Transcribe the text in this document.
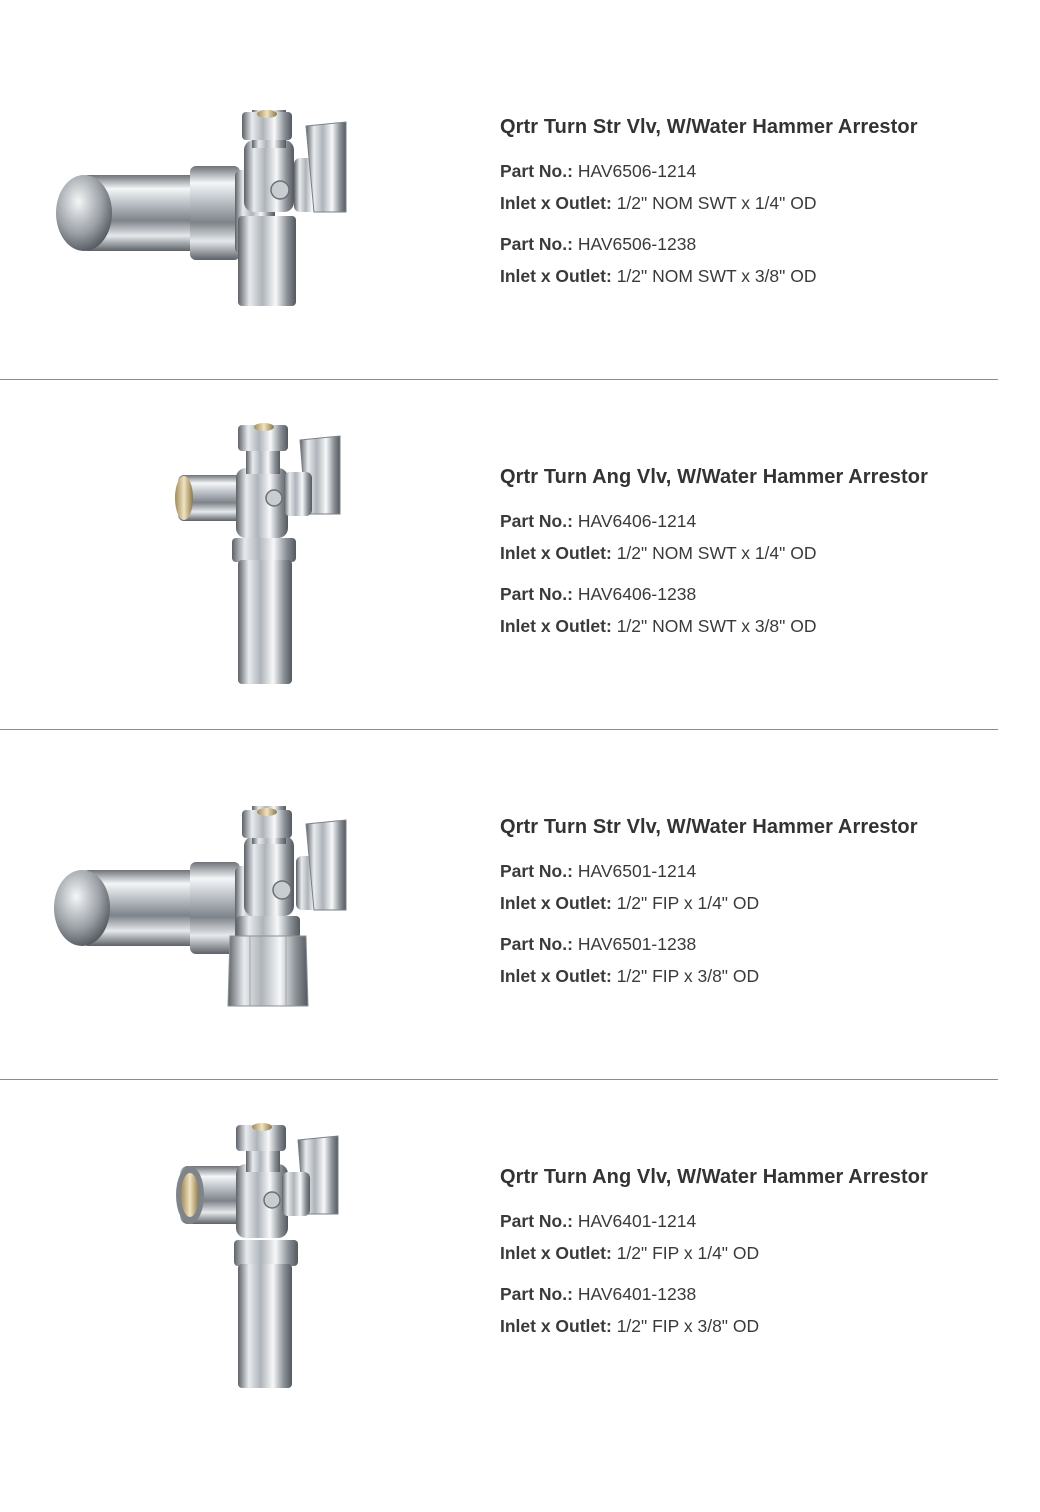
Qrtr Turn Str Vlv, W/Water Hammer Arrestor
Part No.: HAV6506-1214
Inlet x Outlet: 1/2" NOM SWT x 1/4" OD
Part No.: HAV6506-1238
Inlet x Outlet: 1/2" NOM SWT x 3/8" OD
Qrtr Turn Ang Vlv, W/Water Hammer Arrestor
Part No.: HAV6406-1214
Inlet x Outlet: 1/2" NOM SWT x 1/4" OD
Part No.: HAV6406-1238
Inlet x Outlet: 1/2" NOM SWT x 3/8" OD
Qrtr Turn Str Vlv, W/Water Hammer Arrestor
Part No.: HAV6501-1214
Inlet x Outlet: 1/2" FIP x 1/4" OD
Part No.: HAV6501-1238
Inlet x Outlet: 1/2" FIP x 3/8" OD
Qrtr Turn Ang Vlv, W/Water Hammer Arrestor
Part No.: HAV6401-1214
Inlet x Outlet: 1/2" FIP x 1/4" OD
Part No.: HAV6401-1238
Inlet x Outlet: 1/2" FIP x 3/8" OD
